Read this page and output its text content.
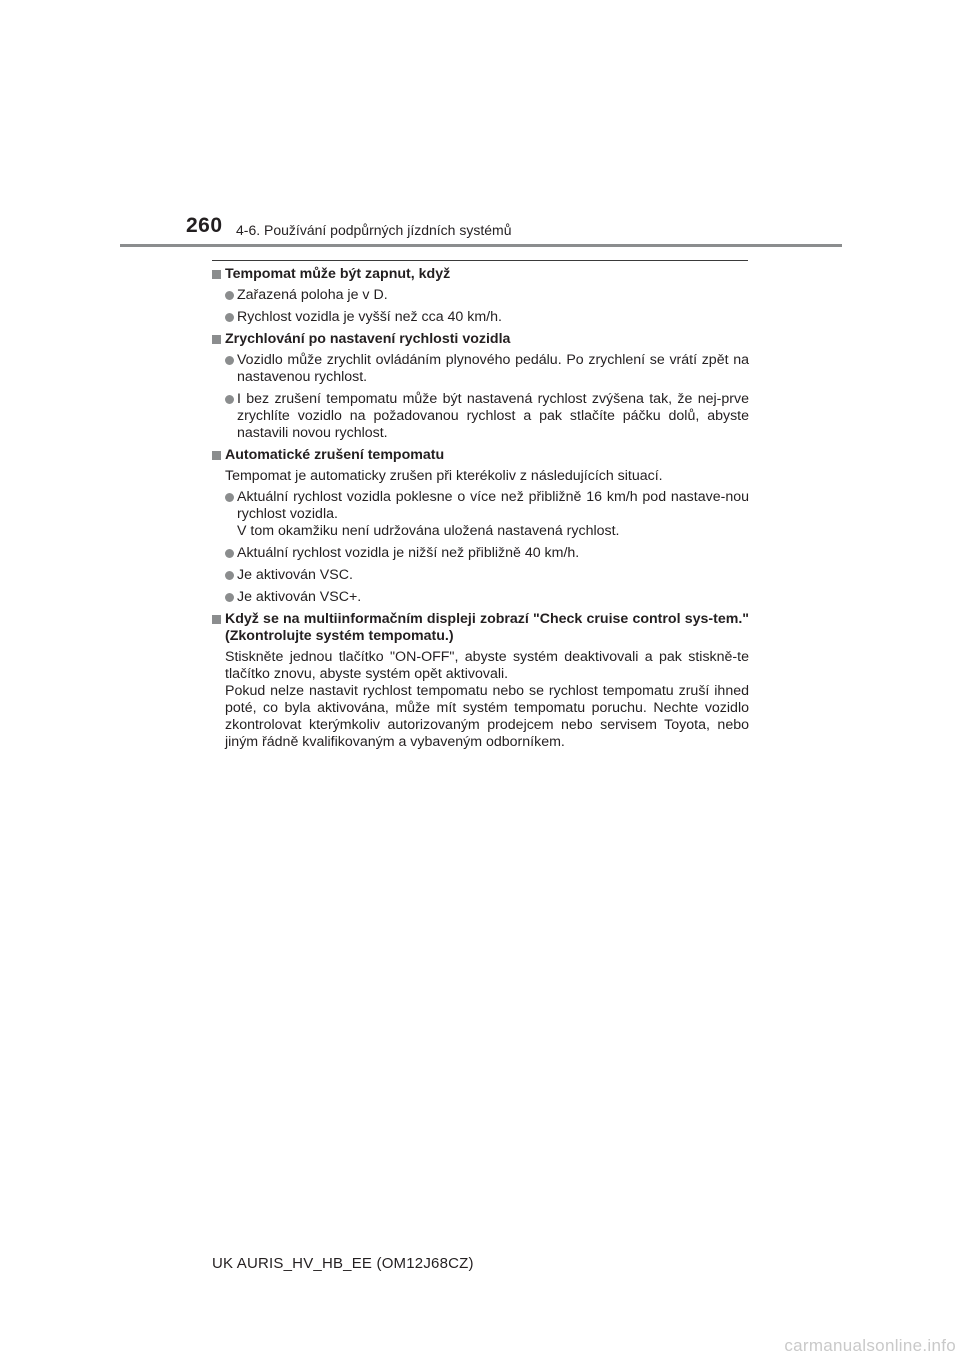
260 4-6. Používání podpůrných jízdních systémů
Tempomat může být zapnut, když
Zařazená poloha je v D.
Rychlost vozidla je vyšší než cca 40 km/h.
Zrychlování po nastavení rychlosti vozidla
Vozidlo může zrychlit ovládáním plynového pedálu. Po zrychlení se vrátí zpět na nastavenou rychlost.
I bez zrušení tempomatu může být nastavená rychlost zvýšena tak, že nej-prve zrychlíte vozidlo na požadovanou rychlost a pak stlačíte páčku dolů, abyste nastavili novou rychlost.
Automatické zrušení tempomatu
Tempomat je automaticky zrušen při kterékoliv z následujících situací.
Aktuální rychlost vozidla poklesne o více než přibližně 16 km/h pod nastave-nou rychlost vozidla.
V tom okamžiku není udržována uložená nastavená rychlost.
Aktuální rychlost vozidla je nižší než přibližně 40 km/h.
Je aktivován VSC.
Je aktivován VSC+.
Když se na multiinformačním displeji zobrazí "Check cruise control sys-tem." (Zkontrolujte systém tempomatu.)
Stiskněte jednou tlačítko "ON-OFF", abyste systém deaktivovali a pak stiskně-te tlačítko znovu, abyste systém opět aktivovali.
Pokud nelze nastavit rychlost tempomatu nebo se rychlost tempomatu zruší ihned poté, co byla aktivována, může mít systém tempomatu poruchu. Nechte vozidlo zkontrolovat kterýmkoliv autorizovaným prodejcem nebo servisem Toyota, nebo jiným řádně kvalifikovaným a vybaveným odborníkem.
UK AURIS_HV_HB_EE (OM12J68CZ)
carmanualsonline.info
